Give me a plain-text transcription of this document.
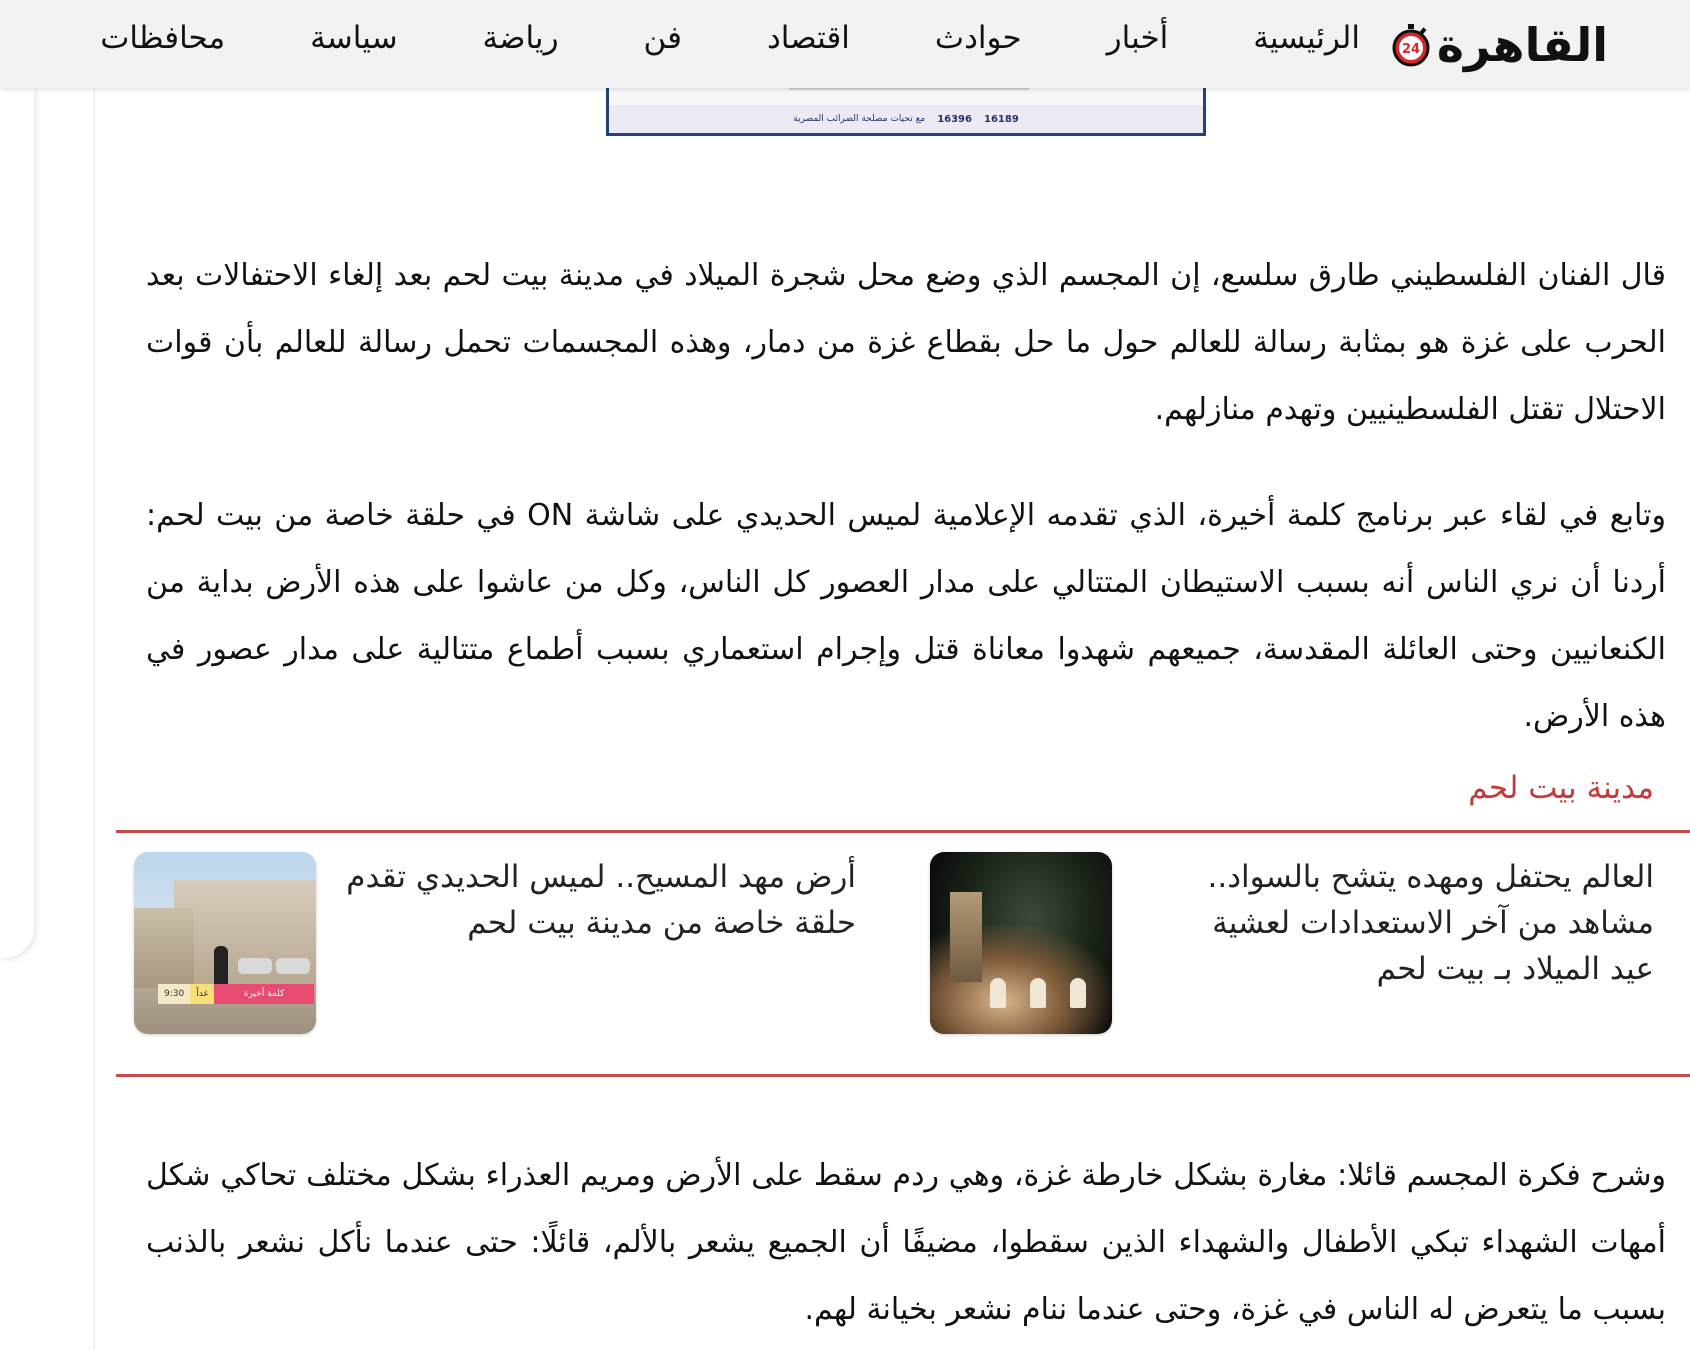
القاهرة
24
الرئيسية
أخبار
حوادث
اقتصاد
فن
رياضة
سياسة
محافظات
16189
16396
مع تحيات مصلحة الضرائب المصرية

قال الفنان الفلسطيني طارق سلسع، إن المجسم الذي وضع محل شجرة الميلاد في مدينة بيت لحم بعد إلغاء الاحتفالات بعد الحرب على غزة هو بمثابة رسالة للعالم حول ما حل بقطاع غزة من دمار، وهذه المجسمات تحمل رسالة للعالم بأن قوات الاحتلال تقتل الفلسطينيين وتهدم منازلهم.

وتابع في لقاء عبر برنامج كلمة أخيرة، الذي تقدمه الإعلامية لميس الحديدي على شاشة ON في حلقة خاصة من بيت لحم: أردنا أن نري الناس أنه بسبب الاستيطان المتتالي على مدار العصور كل الناس، وكل من عاشوا على هذه الأرض بداية من الكنعانيين وحتى العائلة المقدسة، جميعهم شهدوا معاناة قتل وإجرام استعماري بسبب أطماع متتالية على مدار عصور في هذه الأرض.

مدينة بيت لحم
العالم يحتفل ومهده يتشح بالسواد.. مشاهد من آخر الاستعدادات لعشية عيد الميلاد بـ بيت لحم
أرض مهد المسيح.. لميس الحديدي تقدم حلقة خاصة من مدينة بيت لحم
9:30	غداً	كلمة أخيرة

وشرح فكرة المجسم قائلا: مغارة بشكل خارطة غزة، وهي ردم سقط على الأرض ومريم العذراء بشكل مختلف تحاكي شكل أمهات الشهداء تبكي الأطفال والشهداء الذين سقطوا، مضيفًا أن الجميع يشعر بالألم، قائلًا: حتى عندما نأكل نشعر بالذنب بسبب ما يتعرض له الناس في غزة، وحتى عندما ننام نشعر بخيانة لهم.
